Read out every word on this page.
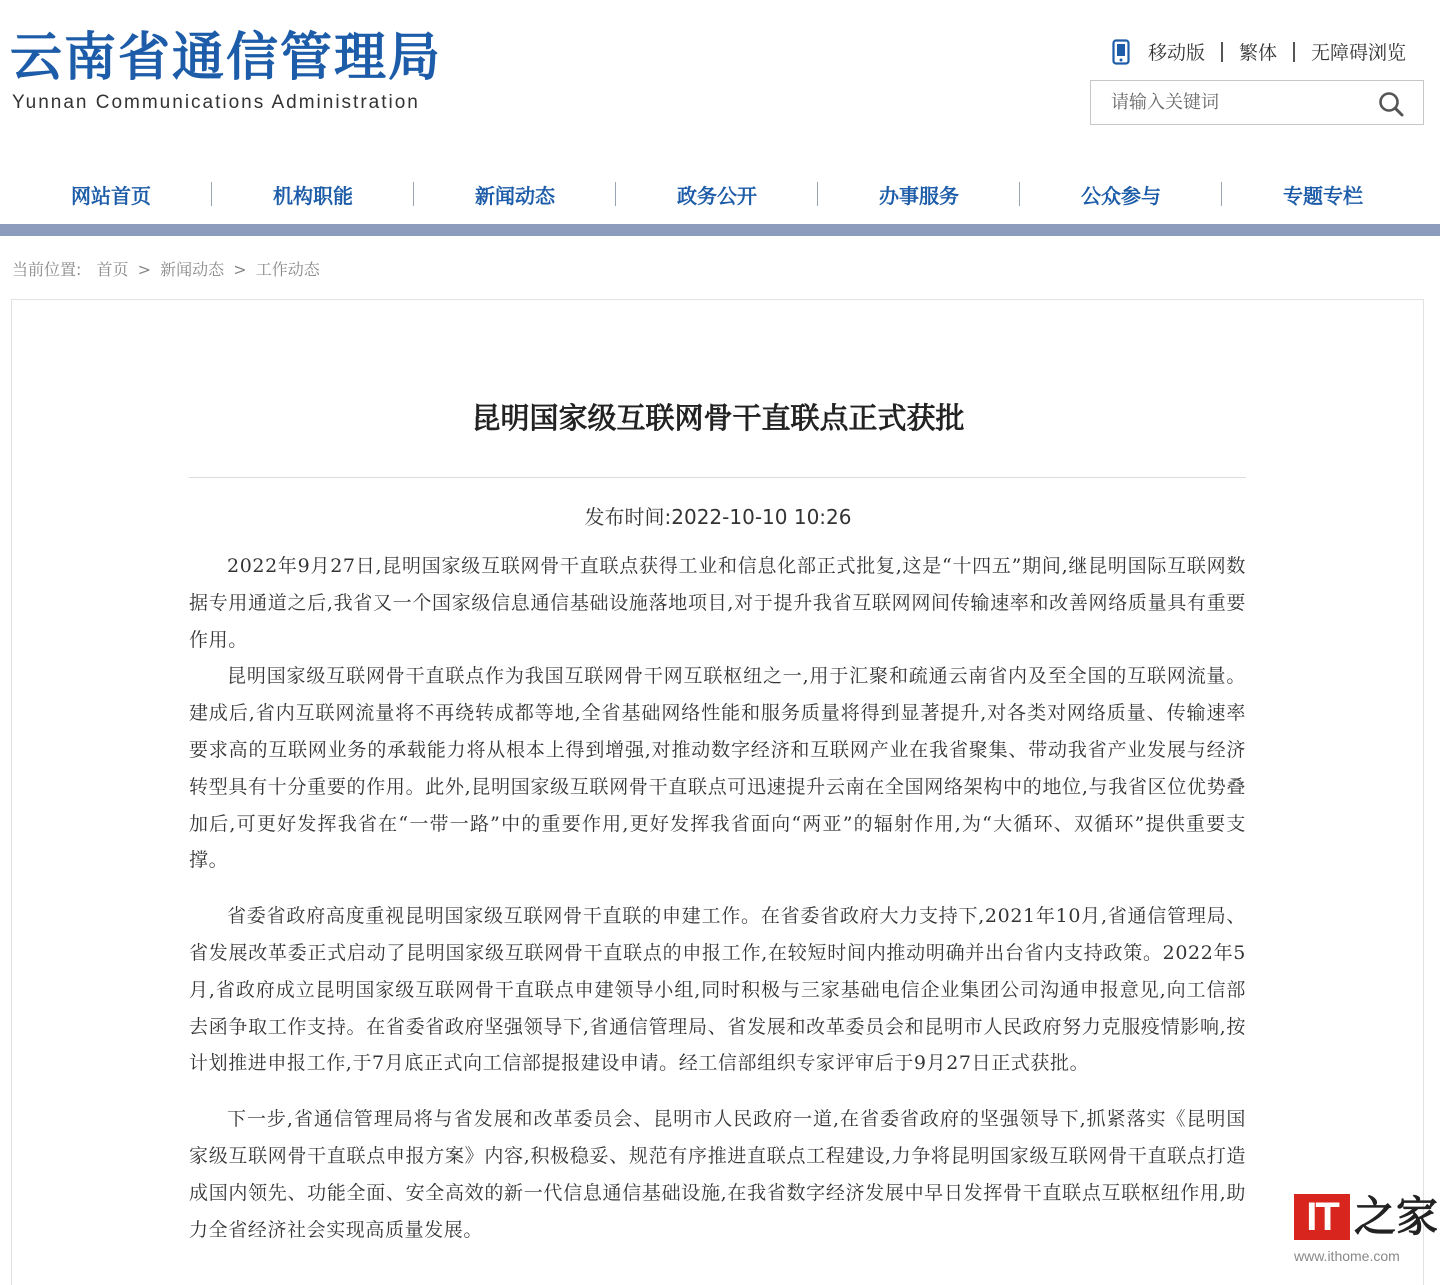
云南省通信管理局
Yunnan Communications Administration
移动版 繁体 无障碍浏览
请输入关键词
网站首页	机构职能	新闻动态	政务公开	办事服务	公众参与	专题专栏
当前位置: 首页 > 新闻动态 > 工作动态
昆明国家级互联网骨干直联点正式获批
发布时间:2022-10-10 10:26

2022年9月27日,昆明国家级互联网骨干直联点获得工业和信息化部正式批复,这是“十四五”期间,继昆明国际互联网数据专用通道之后,我省又一个国家级信息通信基础设施落地项目,对于提升我省互联网网间传输速率和改善网络质量具有重要作用。

昆明国家级互联网骨干直联点作为我国互联网骨干网互联枢纽之一,用于汇聚和疏通云南省内及至全国的互联网流量。建成后,省内互联网流量将不再绕转成都等地,全省基础网络性能和服务质量将得到显著提升,对各类对网络质量、传输速率要求高的互联网业务的承载能力将从根本上得到增强,对推动数字经济和互联网产业在我省聚集、带动我省产业发展与经济转型具有十分重要的作用。此外,昆明国家级互联网骨干直联点可迅速提升云南在全国网络架构中的地位,与我省区位优势叠加后,可更好发挥我省在“一带一路”中的重要作用,更好发挥我省面向“两亚”的辐射作用,为“大循环、双循环”提供重要支撑。

省委省政府高度重视昆明国家级互联网骨干直联的申建工作。在省委省政府大力支持下,2021年10月,省通信管理局、省发展改革委正式启动了昆明国家级互联网骨干直联点的申报工作,在较短时间内推动明确并出台省内支持政策。2022年5月,省政府成立昆明国家级互联网骨干直联点申建领导小组,同时积极与三家基础电信企业集团公司沟通申报意见,向工信部去函争取工作支持。在省委省政府坚强领导下,省通信管理局、省发展和改革委员会和昆明市人民政府努力克服疫情影响,按计划推进申报工作,于7月底正式向工信部提报建设申请。经工信部组织专家评审后于9月27日正式获批。

下一步,省通信管理局将与省发展和改革委员会、昆明市人民政府一道,在省委省政府的坚强领导下,抓紧落实《昆明国家级互联网骨干直联点申报方案》内容,积极稳妥、规范有序推进直联点工程建设,力争将昆明国家级互联网骨干直联点打造成国内领先、功能全面、安全高效的新一代信息通信基础设施,在我省数字经济发展中早日发挥骨干直联点互联枢纽作用,助力全省经济社会实现高质量发展。	IT 之家
www.ithome.com
